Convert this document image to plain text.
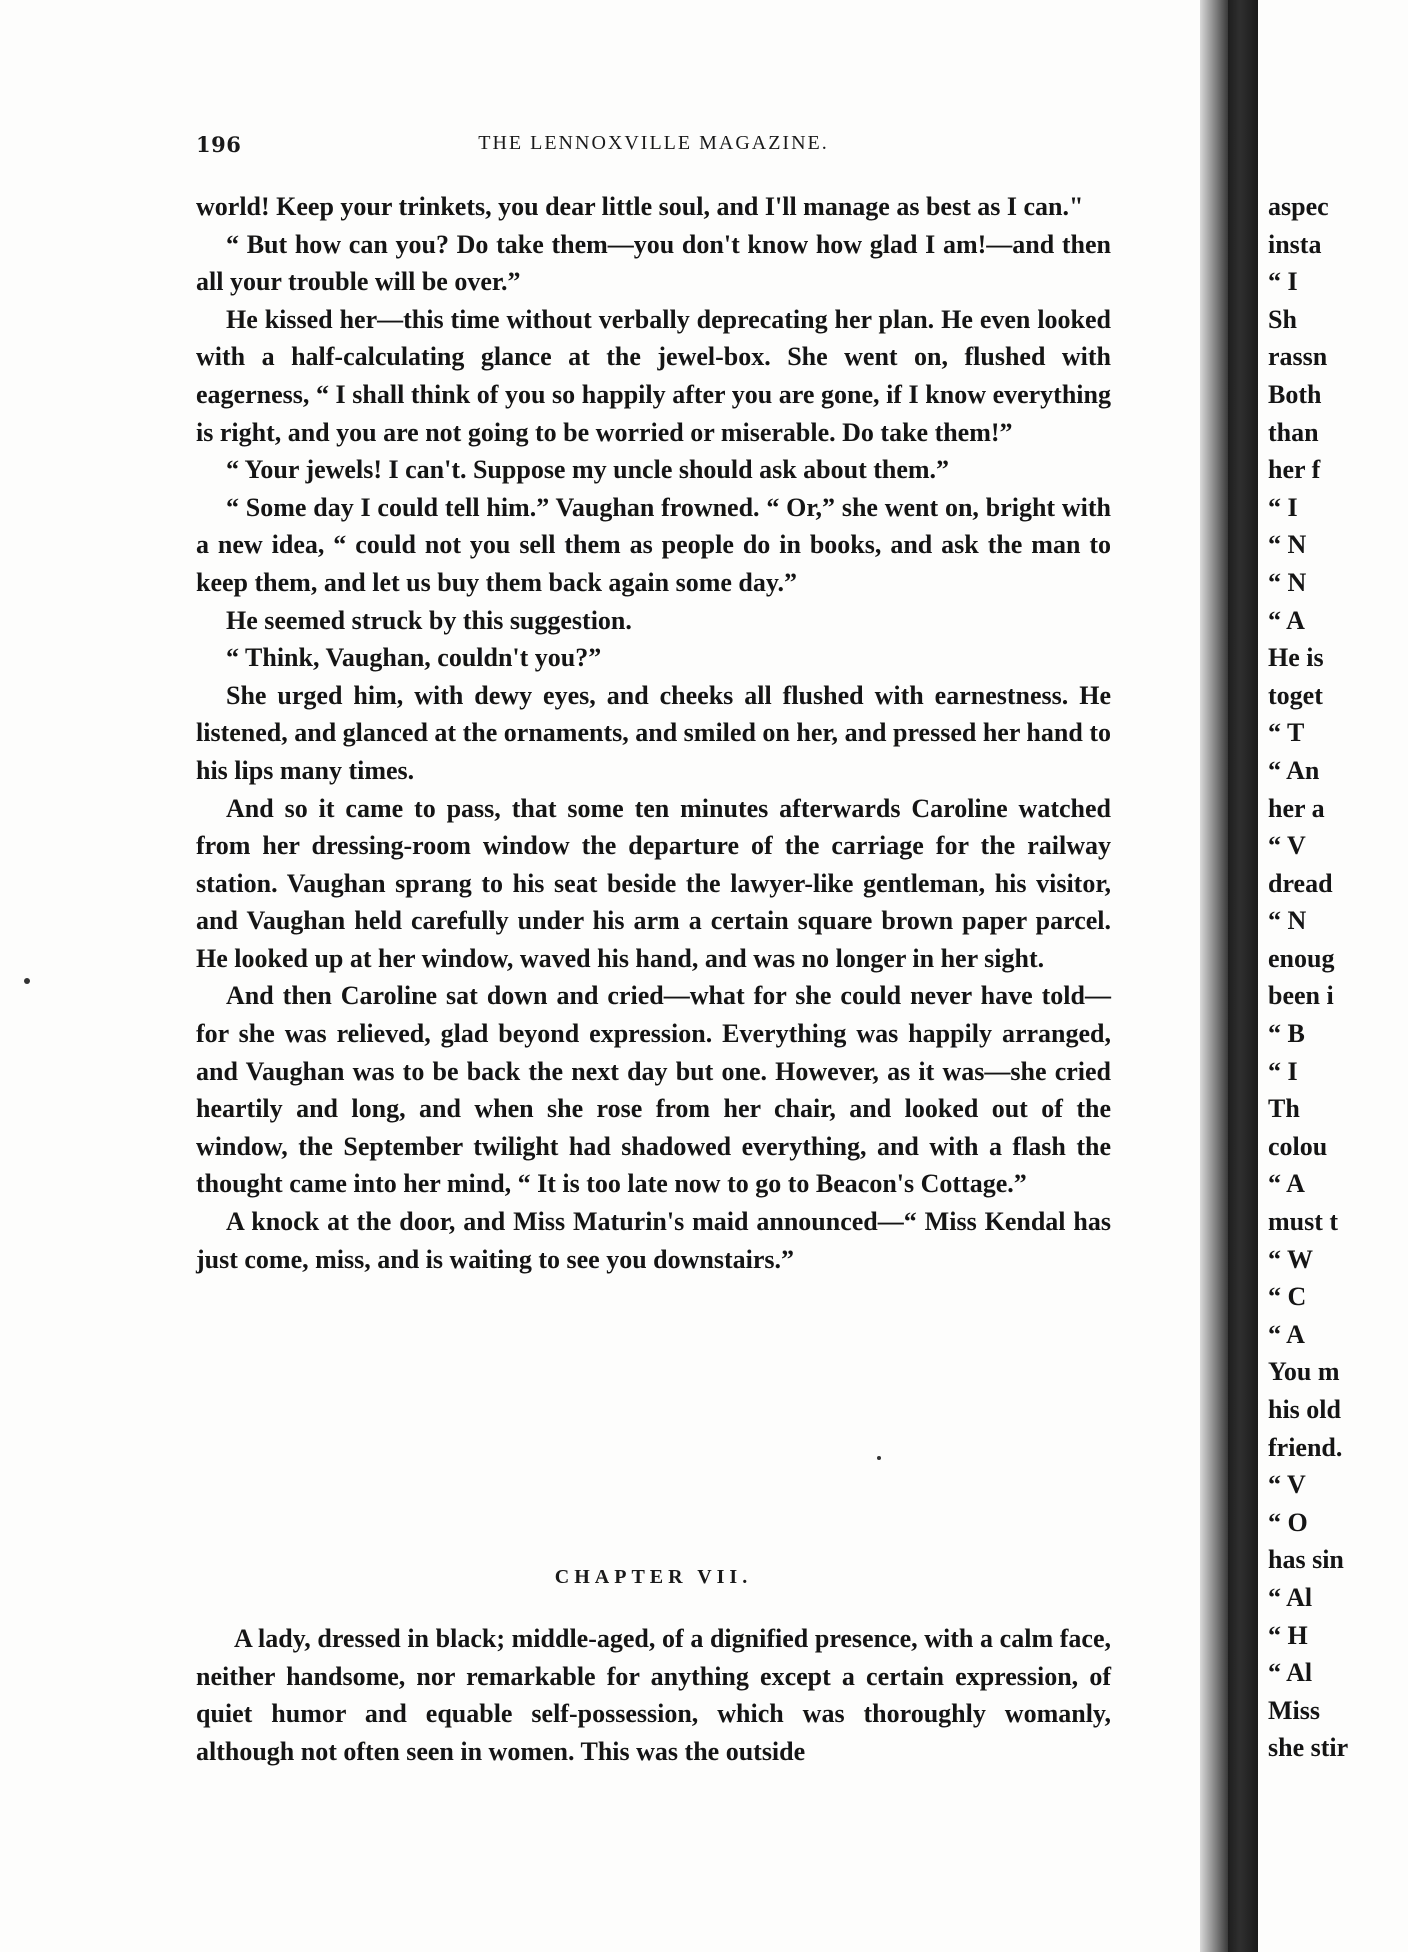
196	THE LENNOXVILLE MAGAZINE.

world! Keep your trinkets, you dear little soul, and I'll manage as best as I can."

“ But how can you? Do take them—you don't know how glad I am!—and then all your trouble will be over.”

He kissed her—this time without verbally deprecating her plan. He even looked with a half-calculating glance at the jewel-box. She went on, flushed with eagerness, “ I shall think of you so happily after you are gone, if I know everything is right, and you are not going to be worried or miserable. Do take them!”

“ Your jewels! I can't. Suppose my uncle should ask about them.”

“ Some day I could tell him.” Vaughan frowned. “ Or,” she went on, bright with a new idea, “ could not you sell them as people do in books, and ask the man to keep them, and let us buy them back again some day.”

He seemed struck by this suggestion.

“ Think, Vaughan, couldn't you?”

She urged him, with dewy eyes, and cheeks all flushed with earnestness. He listened, and glanced at the ornaments, and smiled on her, and pressed her hand to his lips many times.

And so it came to pass, that some ten minutes afterwards Caroline watched from her dressing-room window the departure of the carriage for the railway station. Vaughan sprang to his seat beside the lawyer-like gentleman, his visitor, and Vaughan held carefully under his arm a certain square brown paper parcel. He looked up at her window, waved his hand, and was no longer in her sight.

And then Caroline sat down and cried—what for she could never have told—for she was relieved, glad beyond expression. Everything was happily arranged, and Vaughan was to be back the next day but one. However, as it was—she cried heartily and long, and when she rose from her chair, and looked out of the window, the September twilight had shadowed everything, and with a flash the thought came into her mind, “ It is too late now to go to Beacon's Cottage.”

A knock at the door, and Miss Maturin's maid announced—“ Miss Kendal has just come, miss, and is waiting to see you downstairs.”

CHAPTER VII.

A lady, dressed in black; middle-aged, of a dignified presence, with a calm face, neither handsome, nor remarkable for anything except a certain expression, of quiet humor and equable self-possession, which was thoroughly womanly, although not often seen in women. This was the outside

aspec
insta
“ I
Sh
rassn
Both
than
her f
“ I
“ N
“ N
“ A
He is
toget
“ T
“ An
her a
“ V
dread
“ N
enoug
been i
“ B
“ I
Th
colou
“ A
must t
“ W
“ C
“ A
You m
his old
friend.
“ V
“ O
has sin
“ Al
“ H
“ Al
Miss
she stir
